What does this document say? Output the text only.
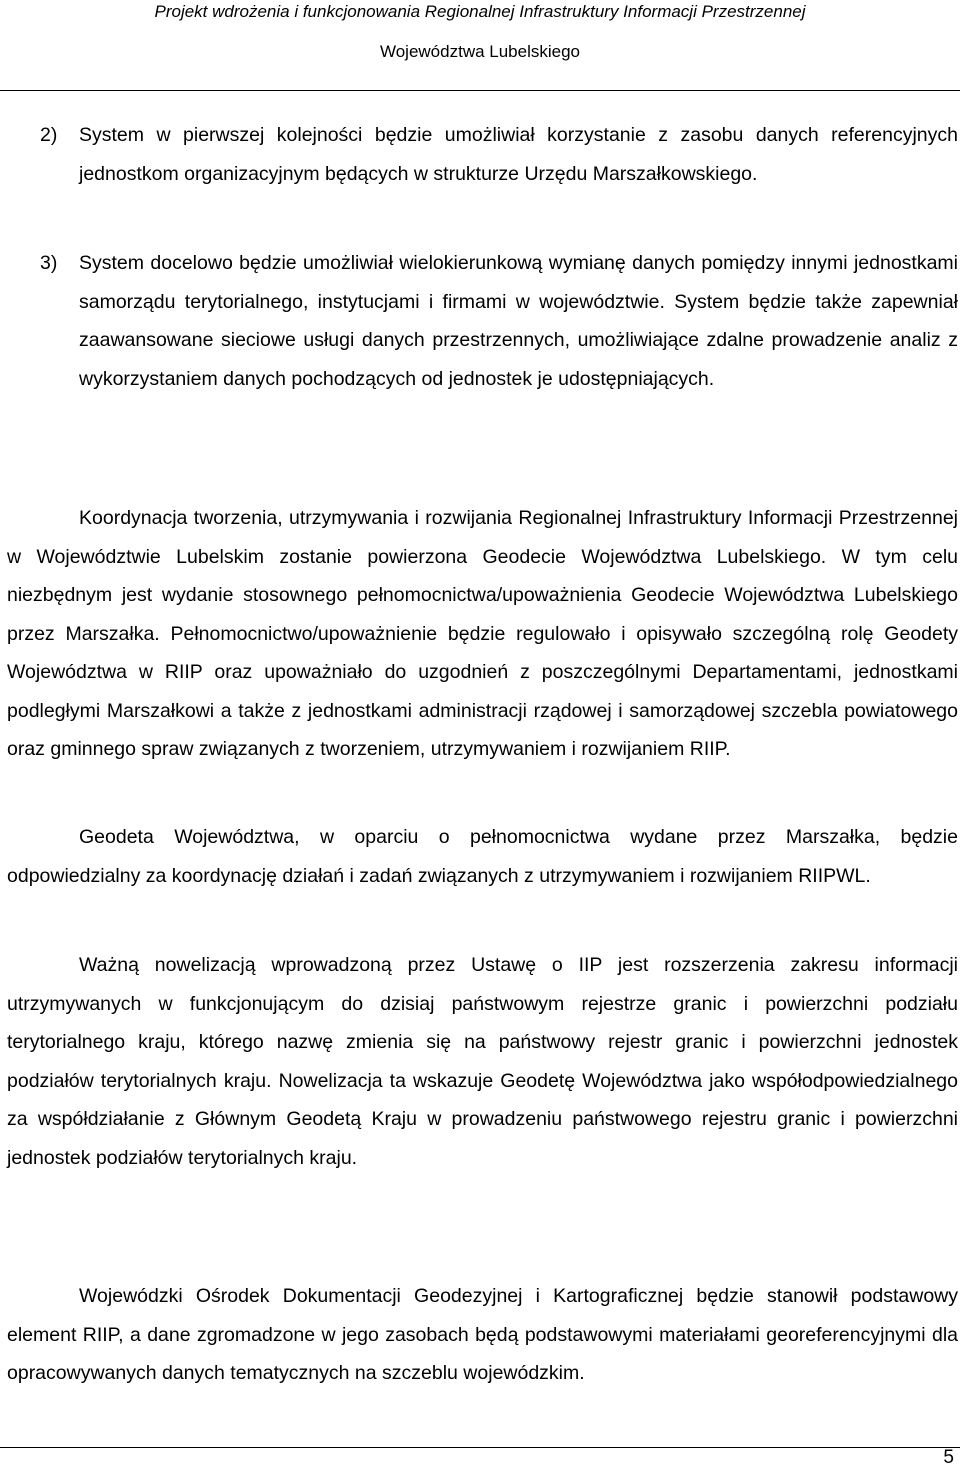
Projekt wdrożenia i funkcjonowania Regionalnej Infrastruktury Informacji Przestrzennej
Województwa Lubelskiego
2) System w pierwszej kolejności będzie umożliwiał korzystanie z zasobu danych referencyjnych jednostkom organizacyjnym będących w strukturze Urzędu Marszałkowskiego.

3) System docelowo będzie umożliwiał wielokierunkową wymianę danych pomiędzy innymi jednostkami samorządu terytorialnego, instytucjami i firmami w województwie. System będzie także zapewniał zaawansowane sieciowe usługi danych przestrzennych, umożliwiające zdalne prowadzenie analiz z wykorzystaniem danych pochodzących od jednostek je udostępniających.

Koordynacja tworzenia, utrzymywania i rozwijania Regionalnej Infrastruktury Informacji Przestrzennej w Województwie Lubelskim zostanie powierzona Geodecie Województwa Lubelskiego. W tym celu niezbędnym jest wydanie stosownego pełnomocnictwa/upoważnienia Geodecie Województwa Lubelskiego przez Marszałka. Pełnomocnictwo/upoważnienie będzie regulowało i opisywało szczególną rolę Geodety Województwa w RIIP oraz upoważniało do uzgodnień z poszczególnymi Departamentami, jednostkami podległymi Marszałkowi a także z jednostkami administracji rządowej i samorządowej szczebla powiatowego oraz gminnego spraw związanych z tworzeniem, utrzymywaniem i rozwijaniem RIIP.

Geodeta Województwa, w oparciu o pełnomocnictwa wydane przez Marszałka, będzie odpowiedzialny za koordynację działań i zadań związanych z utrzymywaniem i rozwijaniem RIIPWL.

Ważną nowelizacją wprowadzoną przez Ustawę o IIP jest rozszerzenia zakresu informacji utrzymywanych w funkcjonującym do dzisiaj państwowym rejestrze granic i powierzchni podziału terytorialnego kraju, którego nazwę zmienia się na państwowy rejestr granic i powierzchni jednostek podziałów terytorialnych kraju. Nowelizacja ta wskazuje Geodetę Województwa jako współodpowiedzialnego za współdziałanie z Głównym Geodetą Kraju w prowadzeniu państwowego rejestru granic i powierzchni jednostek podziałów terytorialnych kraju.

Wojewódzki Ośrodek Dokumentacji Geodezyjnej i Kartograficznej będzie stanowił podstawowy element RIIP, a dane zgromadzone w jego zasobach będą podstawowymi materiałami georeferencyjnymi dla opracowywanych danych tematycznych na szczeblu wojewódzkim.

5
